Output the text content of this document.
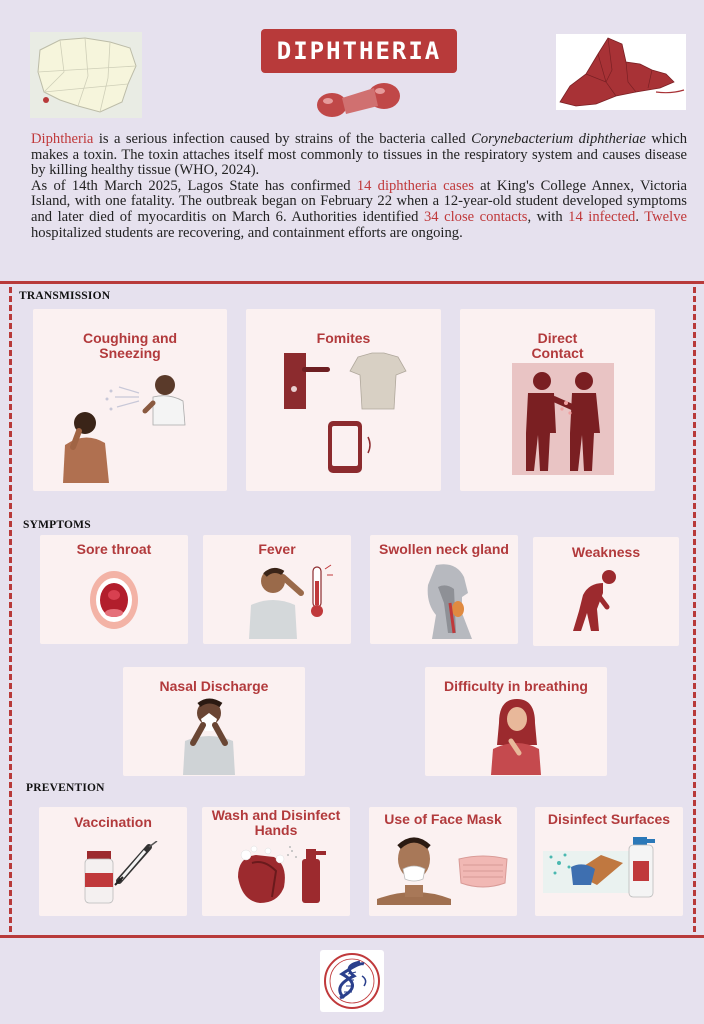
DIPHTHERIA

Diphtheria is a serious infection caused by strains of the bacteria called Corynebacterium diphtheriae which makes a toxin. The toxin attaches itself most commonly to tissues in the respiratory system and causes disease by killing healthy tissue (WHO, 2024).

As of 14th March 2025, Lagos State has confirmed 14 diphtheria cases at King's College Annex, Victoria Island, with one fatality. The outbreak began on February 22 when a 12-year-old student developed symptoms and later died of myocarditis on March 6. Authorities identified 34 close contacts, with 14 infected. Twelve hospitalized students are recovering, and containment efforts are ongoing.

TRANSMISSION
Coughing and Sneezing
Fomites	Direct Contact
SYMPTOMS
Sore throat	Fever	Swollen neck gland	Weakness
Nasal Discharge	Difficulty in breathing
PREVENTION
Vaccination	Wash and Disinfect Hands
Use of Face Mask	Disinfect Surfaces
